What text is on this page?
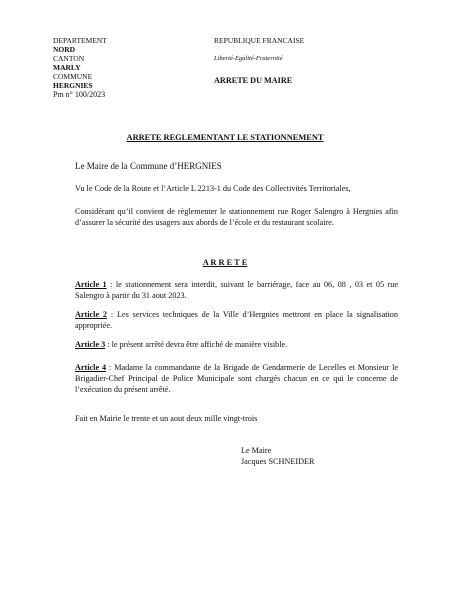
DEPARTEMENT
NORD
CANTON
MARLY
COMMUNE
HERGNIES
Pm n° 100/2023
REPUBLIQUE FRANCAISE
Liberté-Egalité-Fraternité
ARRETE DU MAIRE
ARRETE REGLEMENTANT LE STATIONNEMENT
Le Maire de la Commune d’HERGNIES
Vu le Code de la Route et l’Article L 2213-1 du Code des Collectivités Territoriales,
Considérant qu’il convient de règlementer le stationnement rue Roger Salengro à Hergnies afin d’assurer la sécurité des usagers aux abords de l’école et du restaurant scolaire.
A R R E T E
Article 1 : le stationnement sera interdit, suivant le barriérage, face au 06, 08 , 03 et 05 rue Salengro à partir du 31 aout 2023.
Article 2 : Les services techniques de la Ville d’Hergnies mettront en place la signalisation appropriée.
Article 3 : le présent arrêté devra être affiché de manière visible.
Article 4 : Madame la commandante de la Brigade de Gendarmerie de Lecelles et Monsieur le Brigadier-Chef Principal de Police Municipale sont chargés chacun en ce qui le concerne de l’exécution du présent arrêté.
Fait en Mairie le trente et un aout deux mille vingt-trois
Le Maire
Jacques SCHNEIDER
